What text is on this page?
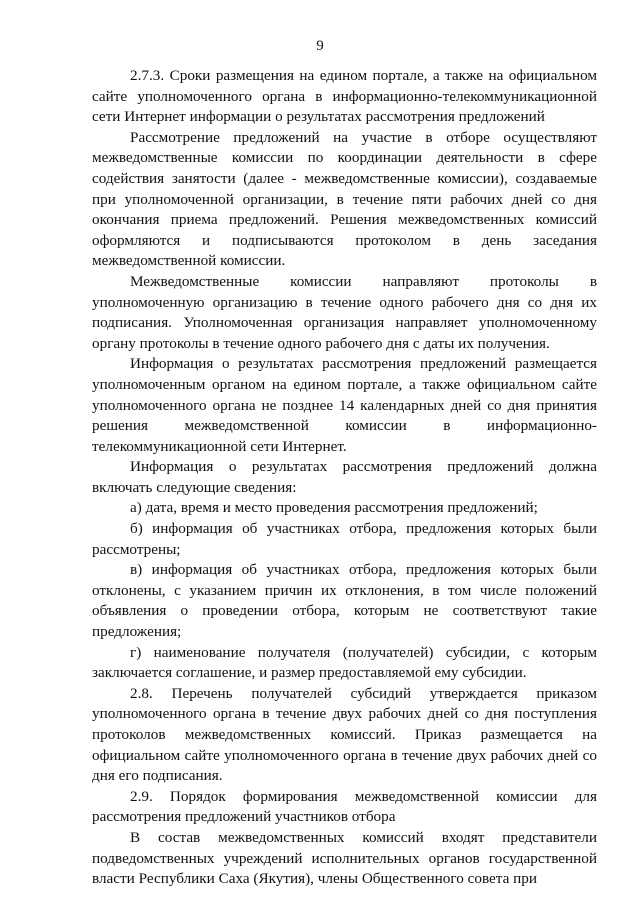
9

2.7.3. Сроки размещения на едином портале, а также на официальном сайте уполномоченного органа в информационно-телекоммуникационной сети Интернет информации о результатах рассмотрения предложений

Рассмотрение предложений на участие в отборе осуществляют межведомственные комиссии по координации деятельности в сфере содействия занятости (далее - межведомственные комиссии), создаваемые при уполномоченной организации, в течение пяти рабочих дней со дня окончания приема предложений. Решения межведомственных комиссий оформляются и подписываются протоколом в день заседания межведомственной комиссии.

Межведомственные комиссии направляют протоколы в уполномоченную организацию в течение одного рабочего дня со дня их подписания. Уполномоченная организация направляет уполномоченному органу протоколы в течение одного рабочего дня с даты их получения.

Информация о результатах рассмотрения предложений размещается уполномоченным органом на едином портале, а также официальном сайте уполномоченного органа не позднее 14 календарных дней со дня принятия решения межведомственной комиссии в информационно-телекоммуникационной сети Интернет.

Информация о результатах рассмотрения предложений должна включать следующие сведения:

а) дата, время и место проведения рассмотрения предложений;

б) информация об участниках отбора, предложения которых были рассмотрены;

в) информация об участниках отбора, предложения которых были отклонены, с указанием причин их отклонения, в том числе положений объявления о проведении отбора, которым не соответствуют такие предложения;

г) наименование получателя (получателей) субсидии, с которым заключается соглашение, и размер предоставляемой ему субсидии.

2.8. Перечень получателей субсидий утверждается приказом уполномоченного органа в течение двух рабочих дней со дня поступления протоколов межведомственных комиссий. Приказ размещается на официальном сайте уполномоченного органа в течение двух рабочих дней со дня его подписания.

2.9. Порядок формирования межведомственной комиссии для рассмотрения предложений участников отбора

В состав межведомственных комиссий входят представители подведомственных учреждений исполнительных органов государственной власти Республики Саха (Якутия), члены Общественного совета при
